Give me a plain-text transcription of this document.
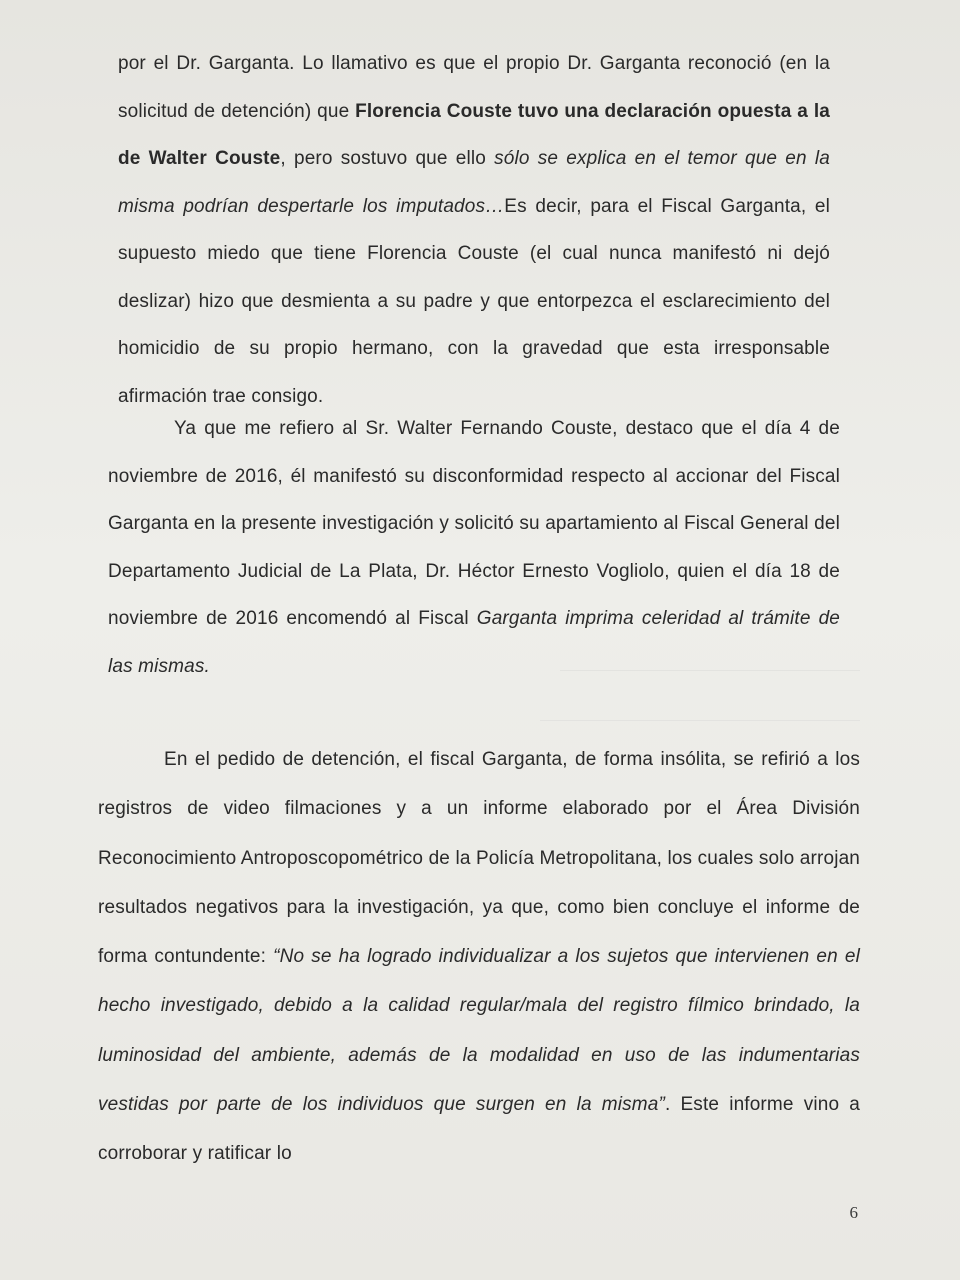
por el Dr. Garganta. Lo llamativo es que el propio Dr. Garganta reconoció (en la solicitud de detención) que Florencia Couste tuvo una declaración opuesta a la de Walter Couste, pero sostuvo que ello sólo se explica en el temor que en la misma podrían despertarle los imputados…Es decir, para el Fiscal Garganta, el supuesto miedo que tiene Florencia Couste (el cual nunca manifestó ni dejó deslizar) hizo que desmienta a su padre y que entorpezca el esclarecimiento del homicidio de su propio hermano, con la gravedad que esta irresponsable afirmación trae consigo.
Ya que me refiero al Sr. Walter Fernando Couste, destaco que el día 4 de noviembre de 2016, él manifestó su disconformidad respecto al accionar del Fiscal Garganta en la presente investigación y solicitó su apartamiento al Fiscal General del Departamento Judicial de La Plata, Dr. Héctor Ernesto Vogliolo, quien el día 18 de noviembre de 2016 encomendó al Fiscal Garganta imprima celeridad al trámite de las mismas.
En el pedido de detención, el fiscal Garganta, de forma insólita, se refirió a los registros de video filmaciones y a un informe elaborado por el Área División Reconocimiento Antroposcopométrico de la Policía Metropolitana, los cuales solo arrojan resultados negativos para la investigación, ya que, como bien concluye el informe de forma contundente: “No se ha logrado individualizar a los sujetos que intervienen en el hecho investigado, debido a la calidad regular/mala del registro fílmico brindado, la luminosidad del ambiente, además de la modalidad en uso de las indumentarias vestidas por parte de los individuos que surgen en la misma”. Este informe vino a corroborar y ratificar lo
6
